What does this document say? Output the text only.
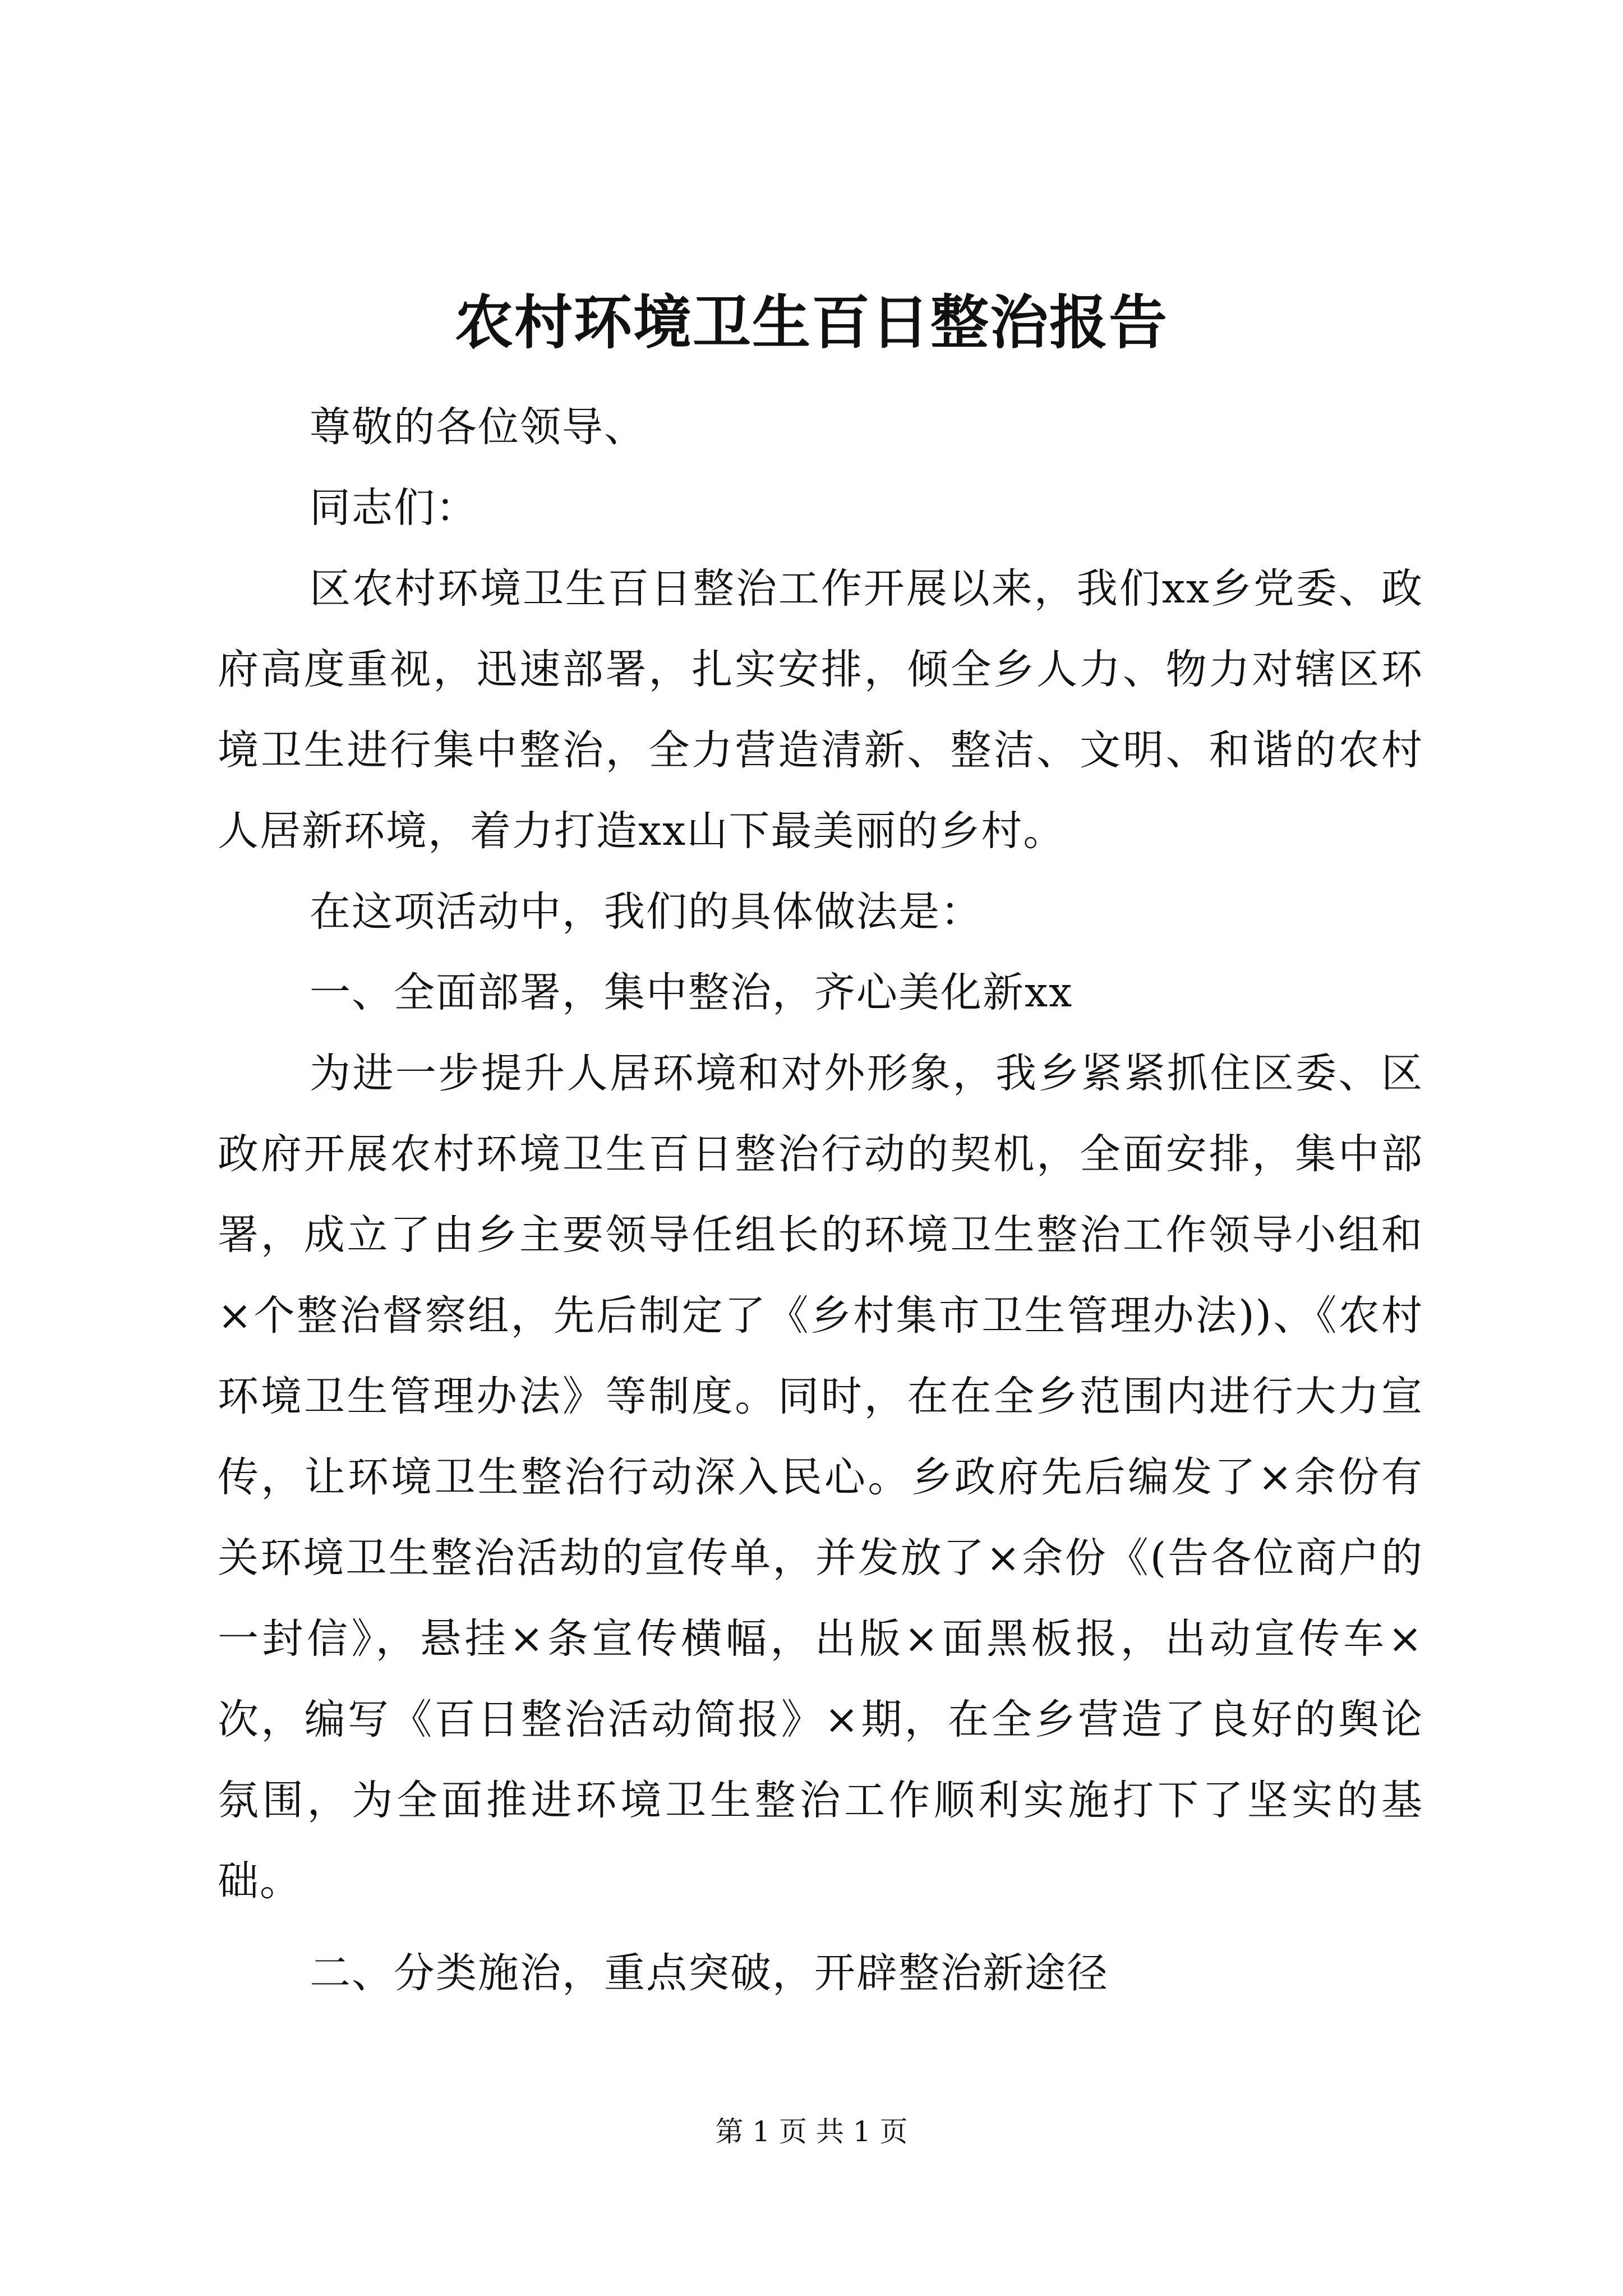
农村环境卫生百日整治报告

尊敬的各位领导、

同志们：

区农村环境卫生百日整治工作开展以来，我们xx乡党委、政府高度重视，迅速部署，扎实安排，倾全乡人力、物力对辖区环境卫生进行集中整治，全力营造清新、整洁、文明、和谐的农村人居新环境，着力打造xx山下最美丽的乡村。

在这项活动中，我们的具体做法是：

一、全面部署，集中整治，齐心美化新xx

为进一步提升人居环境和对外形象，我乡紧紧抓住区委、区政府开展农村环境卫生百日整治行动的契机，全面安排，集中部署，成立了由乡主要领导任组长的环境卫生整治工作领导小组和×个整治督察组，先后制定了《乡村集市卫生管理办法))、《农村环境卫生管理办法》等制度。同时，在在全乡范围内进行大力宣传，让环境卫生整治行动深入民心。乡政府先后编发了×余份有关环境卫生整治活劫的宣传单，并发放了×余份《(告各位商户的一封信》，悬挂×条宣传横幅，出版×面黑板报，出动宣传车×次，编写《百日整治活动简报》×期，在全乡营造了良好的舆论氛围，为全面推进环境卫生整治工作顺利实施打下了坚实的基础。

二、分类施治，重点突破，开辟整治新途径

第 1 页 共 1 页
